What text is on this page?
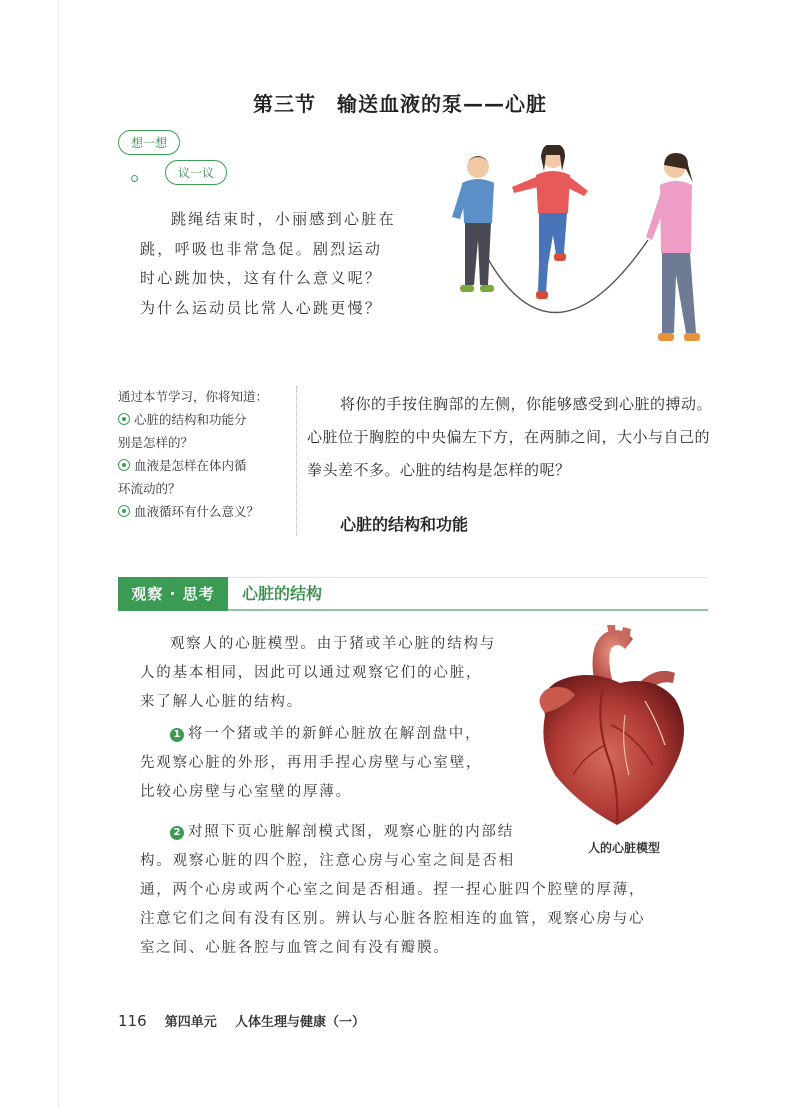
第三节　输送血液的泵——心脏
想一想
议一议

跳绳结束时，小丽感到心脏在

跳，呼吸也非常急促。剧烈运动

时心跳加快，这有什么意义呢？

为什么运动员比常人心跳更慢？

通过本节学习，你将知道：
心脏的结构和功能分
别是怎样的？
血液是怎样在体内循
环流动的？
血液循环有什么意义？

将你的手按住胸部的左侧，你能够感受到心脏的搏动。心脏位于胸腔的中央偏左下方，在两肺之间，大小与自己的拳头差不多。心脏的结构是怎样的呢？

心脏的结构和功能
观察 · 思考	心脏的结构

观察人的心脏模型。由于猪或羊心脏的结构与

人的基本相同，因此可以通过观察它们的心脏，

来了解人心脏的结构。

1 将一个猪或羊的新鲜心脏放在解剖盘中，

先观察心脏的外形，再用手捏心房壁与心室壁，

比较心房壁与心室壁的厚薄。

2 对照下页心脏解剖模式图，观察心脏的内部结

构。观察心脏的四个腔，注意心房与心室之间是否相

通，两个心房或两个心室之间是否相通。捏一捏心脏四个腔壁的厚薄，

注意它们之间有没有区别。辨认与心脏各腔相连的血管，观察心房与心

室之间、心脏各腔与血管之间有没有瓣膜。

人的心脏模型
116 第四单元 人体生理与健康（一）
